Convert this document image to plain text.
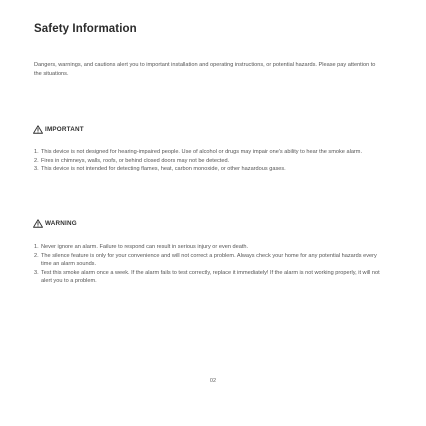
Safety Information
Dangers, warnings, and cautions alert you to important installation and operating instructions, or potential hazards. Please pay attention to the situations.
IMPORTANT
1. This device is not designed for hearing-impaired people. Use of alcohol or drugs may impair one's ability to hear the smoke alarm.
2. Fires in chimneys, walls, roofs, or behind closed doors may not be detected.
3. This device is not intended for detecting flames, heat, carbon monoxide, or other hazardous gases.
WARNING
1. Never ignore an alarm. Failure to respond can result in serious injury or even death.
2. The silence feature is only for your convenience and will not correct a problem. Always check your home for any potential hazards every time an alarm sounds.
3. Test this smoke alarm once a week. If the alarm fails to test correctly, replace it immediately! If the alarm is not working properly, it will not alert you to a problem.
02
